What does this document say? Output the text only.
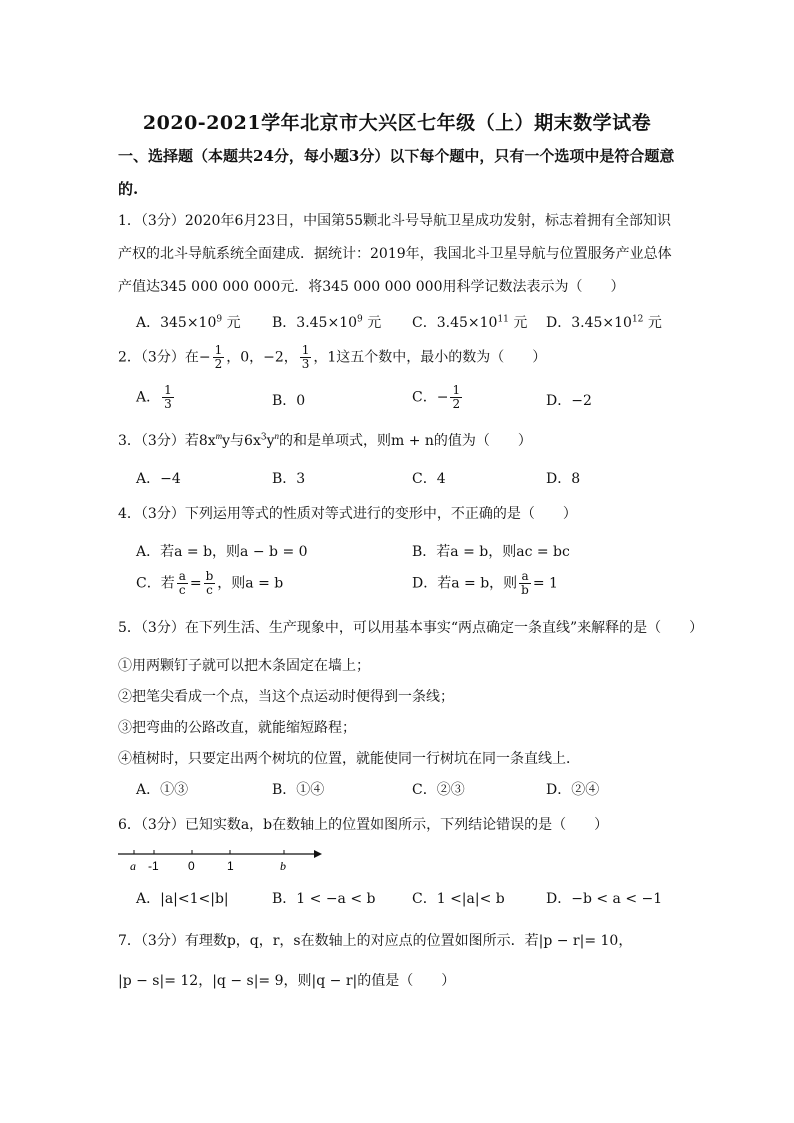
2020-2021学年北京市大兴区七年级（上）期末数学试卷
一、选择题（本题共24分，每小题3分）以下每个题中，只有一个选项中是符合题意
的.
1．（3分）2020年6月23日，中国第55颗北斗号导航卫星成功发射，标志着拥有全部知识
产权的北斗导航系统全面建成．据统计：2019年，我国北斗卫星导航与位置服务产业总体
产值达345 000 000 000元．将345 000 000 000用科学记数法表示为（　　）
A．$345\times 10^9$ 元 B．$3.45\times 10^9$ 元 C．$3.45\times 10^{11}$ 元 D．$3.45\times 10^{12}$ 元
2．（3分）在− $\frac{1}{2}$ ，0，−2， $\frac{1}{3}$ ，1这五个数中，最小的数为（　　）
A． $\frac{1}{3}$	B．0	C．− $\frac{1}{2}$	D．−2
3．（3分）若$8x^my$与$6x^3y^n$的和是单项式，则m + n的值为（　　）
A．−4	B．3	C．4	D．8
4．（3分）下列运用等式的性质对等式进行的变形中，不正确的是（　　）
A．若a = b，则a − b = 0	B．若a = b，则ac = bc
C．若 $\frac{a}{c} = \frac{b}{c}$ ，则a = b	D．若a = b，则 $\frac{a}{b} = 1$
5．（3分）在下列生活、生产现象中，可以用基本事实“两点确定一条直线”来解释的是（　　）
①用两颗钉子就可以把木条固定在墙上；
②把笔尖看成一个点，当这个点运动时便得到一条线；
③把弯曲的公路改直，就能缩短路程；
④植树时，只要定出两个树坑的位置，就能使同一行树坑在同一条直线上．
A．①③	B．①④	C．②③	D．②④
6．（3分）已知实数a，b在数轴上的位置如图所示，下列结论错误的是（　　）
a -1 0	1	b
A．|a|<1<|b|	B．1 < −a < b	C．1 <|a|< b	D．−b < a < −1
7．（3分）有理数p，q，r，s在数轴上的对应点的位置如图所示．若|p − r|= 10，
|p − s|= 12，|q − s|= 9，则|q − r|的值是（　　）
